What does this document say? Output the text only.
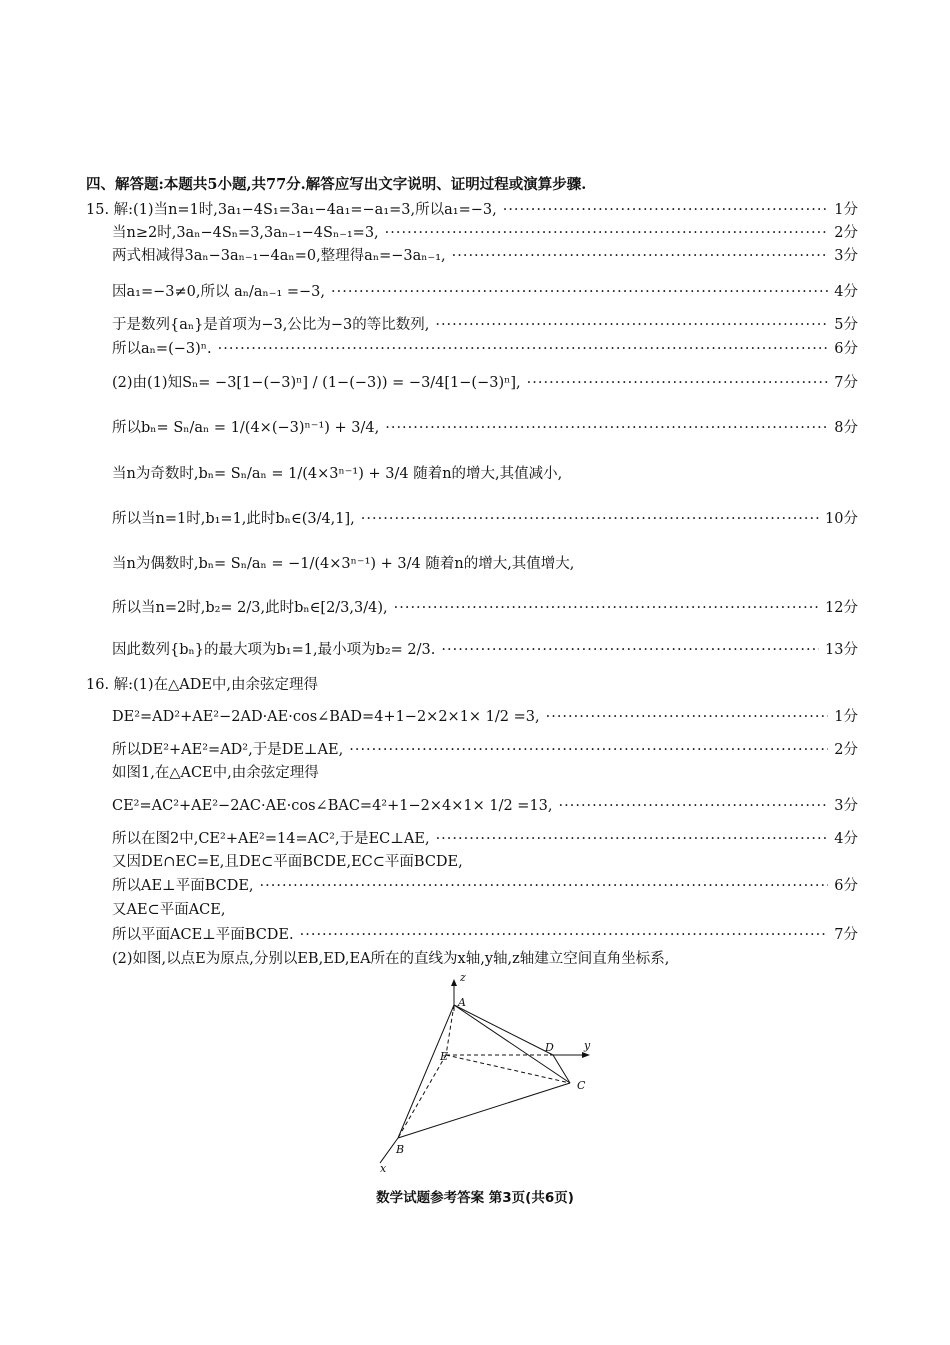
四、解答题:本题共5小题,共77分.解答应写出文字说明、证明过程或演算步骤.
15. 解:(1)当n=1时,3a₁−4S₁=3a₁−4a₁=−a₁=3,所以a₁=−3, ·····	1分
当n≥2时,3aₙ−4Sₙ=3,3aₙ₋₁−4Sₙ₋₁=3, ·····	2分
两式相减得3aₙ−3aₙ₋₁−4aₙ=0,整理得aₙ=−3aₙ₋₁, ·····	3分
因a₁=−3≠0,所以 aₙ/aₙ₋₁ =−3, ·····	4分
于是数列{aₙ}是首项为−3,公比为−3的等比数列, ·····	5分
所以aₙ=(−3)ⁿ. ·····	6分
(2)由(1)知Sₙ= −3[1−(−3)ⁿ] / (1−(−3)) = −3/4[1−(−3)ⁿ], ·····	7分
所以bₙ= Sₙ/aₙ = 1/(4×(−3)ⁿ⁻¹) + 3/4, ·····	8分
当n为奇数时,bₙ= Sₙ/aₙ = 1/(4×3ⁿ⁻¹) + 3/4 随着n的增大,其值减小,
所以当n=1时,b₁=1,此时bₙ∈(3/4,1], ·····	10分
当n为偶数时,bₙ= Sₙ/aₙ = −1/(4×3ⁿ⁻¹) + 3/4 随着n的增大,其值增大,
所以当n=2时,b₂= 2/3,此时bₙ∈[2/3,3/4), ·····	12分
因此数列{bₙ}的最大项为b₁=1,最小项为b₂= 2/3. ·····	13分
16. 解:(1)在△ADE中,由余弦定理得
DE²=AD²+AE²−2AD·AE·cos∠BAD=4+1−2×2×1× 1/2 =3, ·····	1分
所以DE²+AE²=AD²,于是DE⊥AE, ·····	2分
如图1,在△ACE中,由余弦定理得
CE²=AC²+AE²−2AC·AE·cos∠BAC=4²+1−2×4×1× 1/2 =13, ·····	3分
所以在图2中,CE²+AE²=14=AC²,于是EC⊥AE, ·····	4分
又因DE∩EC=E,且DE⊂平面BCDE,EC⊂平面BCDE,
所以AE⊥平面BCDE, ·····	6分
又AE⊂平面ACE,
所以平面ACE⊥平面BCDE. ·····	7分
(2)如图,以点E为原点,分别以EB,ED,EA所在的直线为x轴,y轴,z轴建立空间直角坐标系,
z
A
E
D	y
C
B
x
数学试题参考答案 第3页(共6页)
